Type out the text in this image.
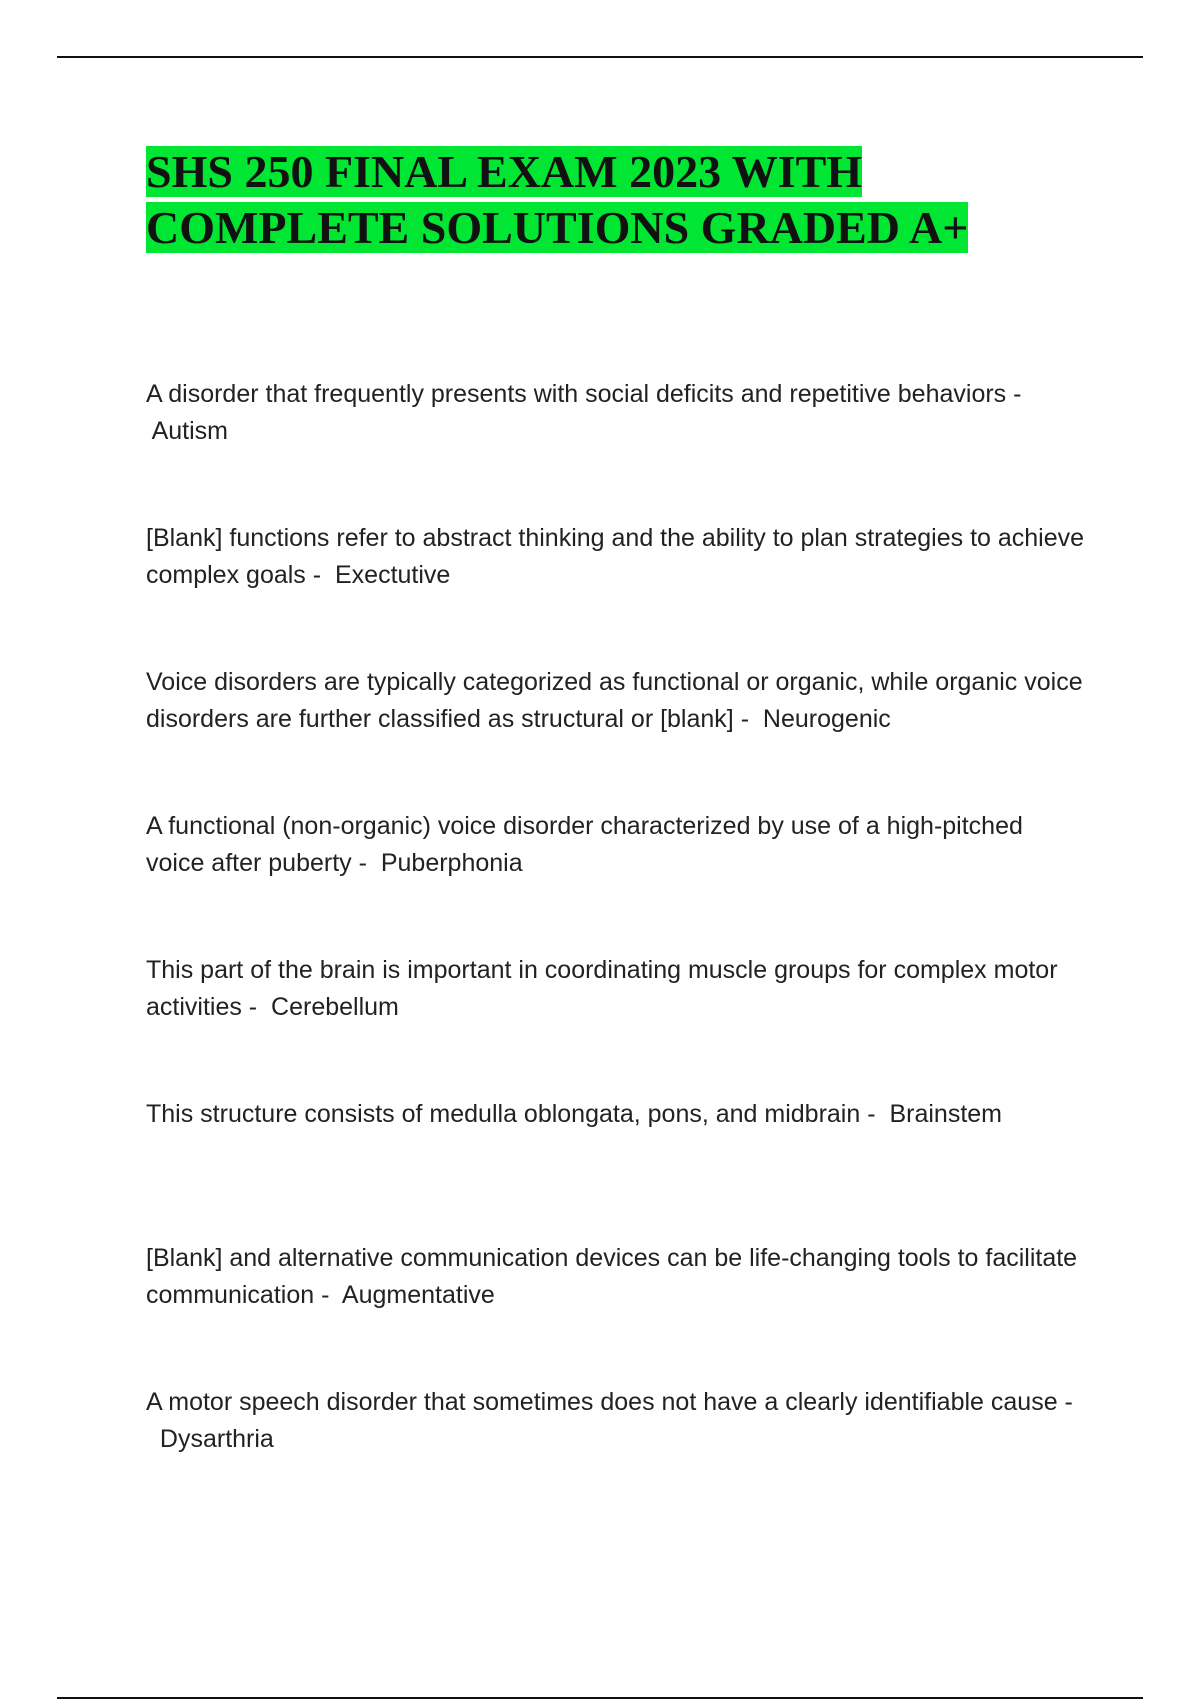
SHS 250 FINAL EXAM 2023 WITH
COMPLETE SOLUTIONS GRADED A+
A disorder that frequently presents with social deficits and repetitive behaviors - Autism
[Blank] functions refer to abstract thinking and the ability to plan strategies to achieve complex goals - Exectutive
Voice disorders are typically categorized as functional or organic, while organic voice disorders are further classified as structural or [blank] - Neurogenic
A functional (non-organic) voice disorder characterized by use of a high-pitched voice after puberty - Puberphonia
This part of the brain is important in coordinating muscle groups for complex motor activities - Cerebellum
This structure consists of medulla oblongata, pons, and midbrain - Brainstem
[Blank] and alternative communication devices can be life-changing tools to facilitate communication - Augmentative
A motor speech disorder that sometimes does not have a clearly identifiable cause -  Dysarthria
